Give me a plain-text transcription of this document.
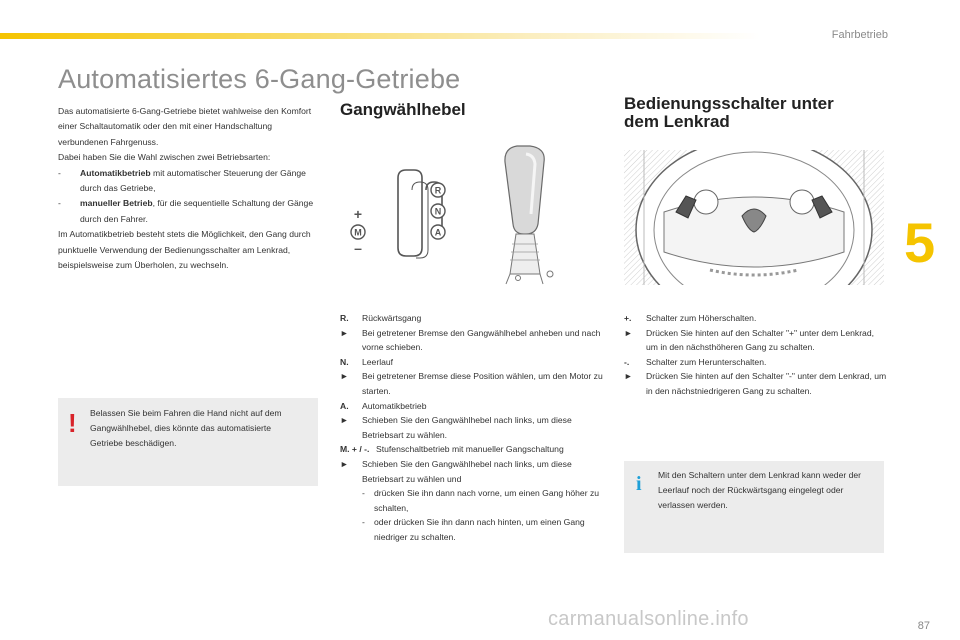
Fahrbetrieb
5
Automatisiertes 6-Gang-Getriebe

Das automatisierte 6-Gang-Getriebe bietet wahlweise den Komfort einer Schaltautomatik oder den mit einer Handschaltung verbundenen Fahrgenuss.

Dabei haben Sie die Wahl zwischen zwei Betriebsarten:

- Automatikbetrieb mit automatischer Steuerung der Gänge durch das Getriebe,
- manueller Betrieb, für die sequentielle Schaltung der Gänge durch den Fahrer.

Im Automatikbetrieb besteht stets die Möglichkeit, den Gang durch punktuelle Verwendung der Bedienungsschalter am Lenkrad, beispielsweise zum Überholen, zu wechseln.

! Belassen Sie beim Fahren die Hand nicht auf dem Gangwählhebel, dies könnte das automatisierte Getriebe beschädigen.
Gangwählhebel
R
N
A
M
+
–
Bedienungsschalter unter
dem Lenkrad
R. Rückwärtsgang
► Bei getretener Bremse den Gangwählhebel anheben und nach vorne schieben.
N. Leerlauf
► Bei getretener Bremse diese Position wählen, um den Motor zu starten.
A. Automatikbetrieb
► Schieben Sie den Gangwählhebel nach links, um diese Betriebsart zu wählen.
M. + / -. Stufenschaltbetrieb mit manueller Gangschaltung
► Schieben Sie den Gangwählhebel nach links, um diese Betriebsart zu wählen und
- drücken Sie ihn dann nach vorne, um einen Gang höher zu schalten,
- oder drücken Sie ihn dann nach hinten, um einen Gang niedriger zu schalten.
+. Schalter zum Höherschalten.
► Drücken Sie hinten auf den Schalter "+" unter dem Lenkrad, um in den nächsthöheren Gang zu schalten.
-. Schalter zum Herunterschalten.
► Drücken Sie hinten auf den Schalter "-" unter dem Lenkrad, um in den nächstniedrigeren Gang zu schalten.
i Mit den Schaltern unter dem Lenkrad kann weder der Leerlauf noch der Rückwärtsgang eingelegt oder verlassen werden.
carmanualsonline.info	87
